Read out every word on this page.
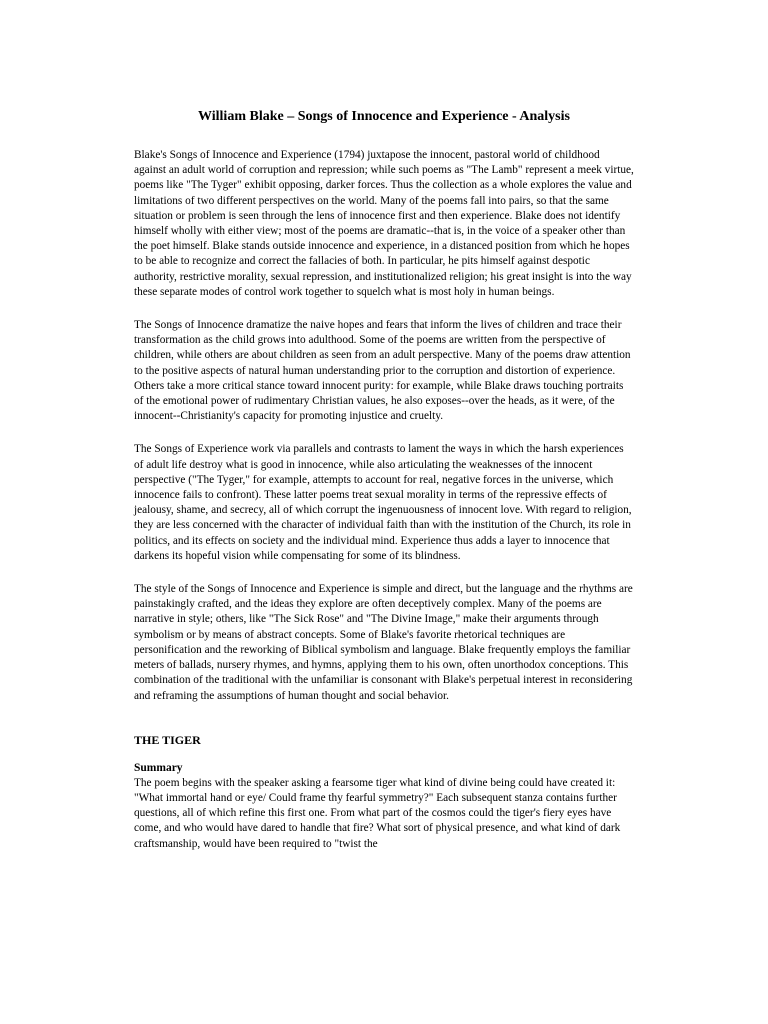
William Blake – Songs of Innocence and Experience - Analysis

Blake's Songs of Innocence and Experience (1794) juxtapose the innocent, pastoral world of childhood against an adult world of corruption and repression; while such poems as "The Lamb" represent a meek virtue, poems like "The Tyger" exhibit opposing, darker forces. Thus the collection as a whole explores the value and limitations of two different perspectives on the world. Many of the poems fall into pairs, so that the same situation or problem is seen through the lens of innocence first and then experience. Blake does not identify himself wholly with either view; most of the poems are dramatic--that is, in the voice of a speaker other than the poet himself. Blake stands outside innocence and experience, in a distanced position from which he hopes to be able to recognize and correct the fallacies of both. In particular, he pits himself against despotic authority, restrictive morality, sexual repression, and institutionalized religion; his great insight is into the way these separate modes of control work together to squelch what is most holy in human beings.

The Songs of Innocence dramatize the naive hopes and fears that inform the lives of children and trace their transformation as the child grows into adulthood. Some of the poems are written from the perspective of children, while others are about children as seen from an adult perspective. Many of the poems draw attention to the positive aspects of natural human understanding prior to the corruption and distortion of experience. Others take a more critical stance toward innocent purity: for example, while Blake draws touching portraits of the emotional power of rudimentary Christian values, he also exposes--over the heads, as it were, of the innocent--Christianity's capacity for promoting injustice and cruelty.

The Songs of Experience work via parallels and contrasts to lament the ways in which the harsh experiences of adult life destroy what is good in innocence, while also articulating the weaknesses of the innocent perspective ("The Tyger," for example, attempts to account for real, negative forces in the universe, which innocence fails to confront). These latter poems treat sexual morality in terms of the repressive effects of jealousy, shame, and secrecy, all of which corrupt the ingenuousness of innocent love. With regard to religion, they are less concerned with the character of individual faith than with the institution of the Church, its role in politics, and its effects on society and the individual mind. Experience thus adds a layer to innocence that darkens its hopeful vision while compensating for some of its blindness.

The style of the Songs of Innocence and Experience is simple and direct, but the language and the rhythms are painstakingly crafted, and the ideas they explore are often deceptively complex. Many of the poems are narrative in style; others, like "The Sick Rose" and "The Divine Image," make their arguments through symbolism or by means of abstract concepts. Some of Blake's favorite rhetorical techniques are personification and the reworking of Biblical symbolism and language. Blake frequently employs the familiar meters of ballads, nursery rhymes, and hymns, applying them to his own, often unorthodox conceptions. This combination of the traditional with the unfamiliar is consonant with Blake's perpetual interest in reconsidering and reframing the assumptions of human thought and social behavior.

THE TIGER
Summary

The poem begins with the speaker asking a fearsome tiger what kind of divine being could have created it: "What immortal hand or eye/ Could frame thy fearful symmetry?" Each subsequent stanza contains further questions, all of which refine this first one. From what part of the cosmos could the tiger's fiery eyes have come, and who would have dared to handle that fire? What sort of physical presence, and what kind of dark craftsmanship, would have been required to "twist the
